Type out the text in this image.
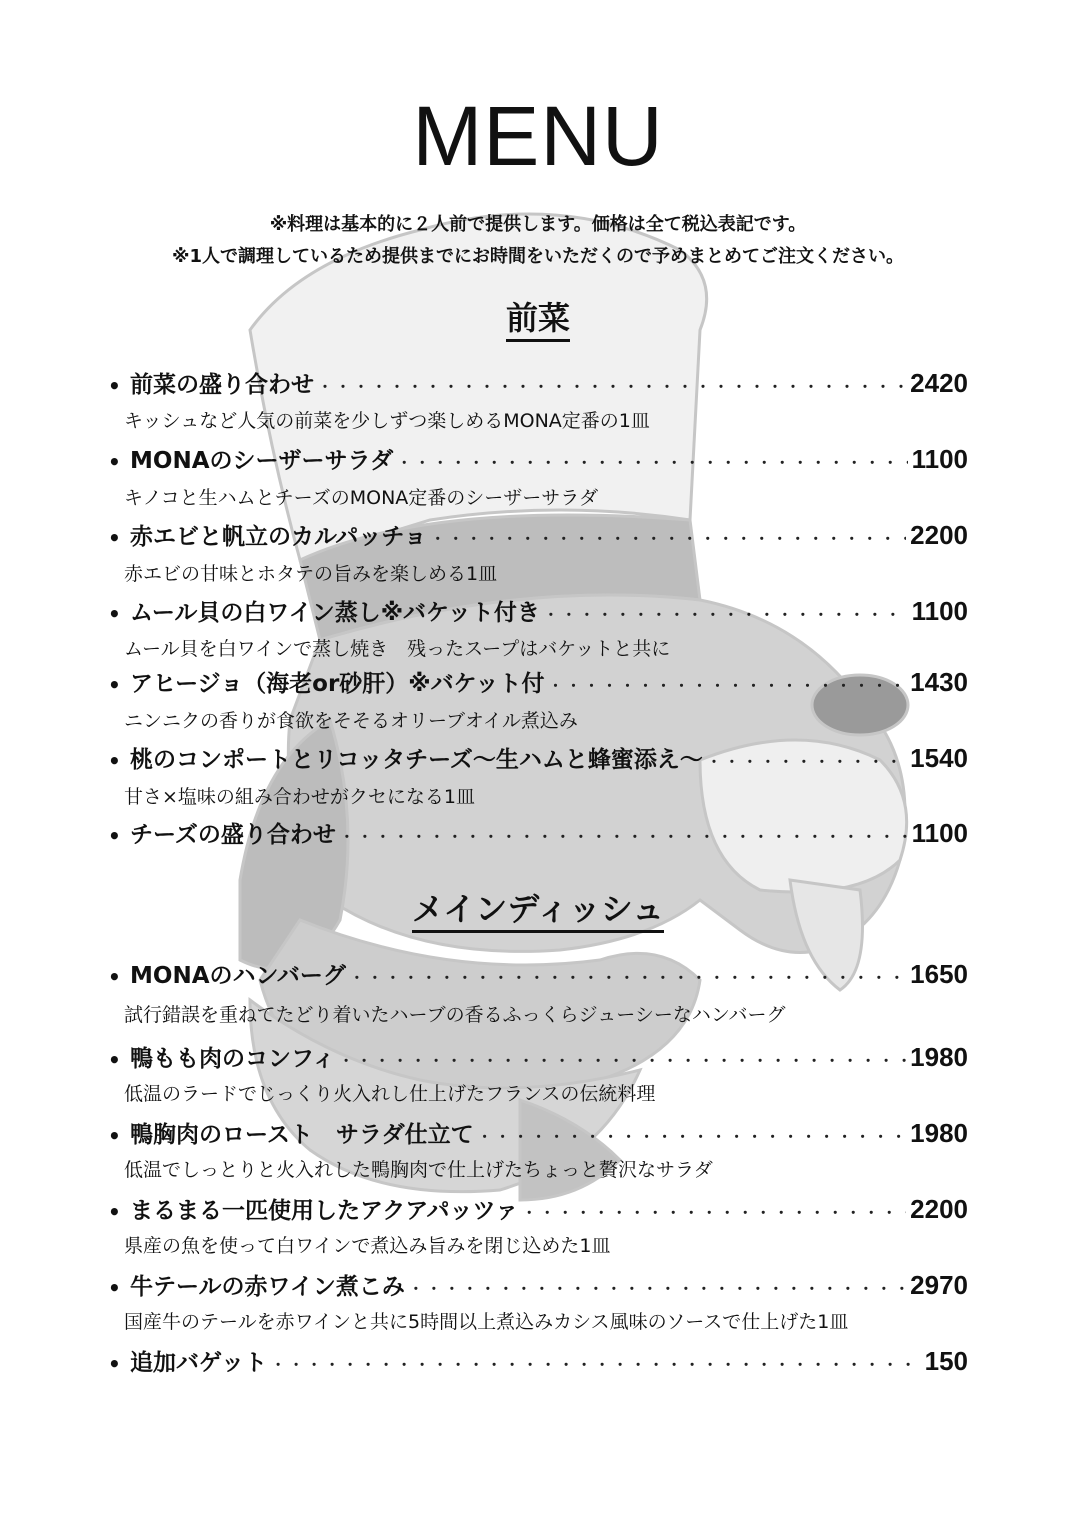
MENU
※料理は基本的に２人前で提供します。価格は全て税込表記です。
※1人で調理しているため提供までにお時間をいただくので予めまとめてご注文ください。
前菜
• 前菜の盛り合わせ ・・・・・・・・・・・・・・・・・・・・・・・・・・・・・・・・・・・・・・・・・・・・・・・・・・・・・・・・・・・・・・・・・・・・・・・・・・・・	2420
キッシュなど人気の前菜を少しずつ楽しめるMONA定番の1皿
• MONAのシーザーサラダ ・・・・・・・・・・・・・・・・・・・・・・・・・・・・・・・・・・・・・・・・・・・・・・・・・・・・・・・・・・・・・・・・・・・・・・・・・・・・	1100
キノコと生ハムとチーズのMONA定番のシーザーサラダ
• 赤エビと帆立のカルパッチョ ・・・・・・・・・・・・・・・・・・・・・・・・・・・・・・・・・・・・・・・・・・・・・・・・・・・・・・・・・・・・・・・・・・・・・・・・・・・・	2200
赤エビの甘味とホタテの旨みを楽しめる1皿
• ムール貝の白ワイン蒸し※バケット付き ・・・・・・・・・・・・・・・・・・・・・・・・・・・・・・・・・・・・・・・・・・・・・・・・・・・・・・・・・・・・・・・・・・・・・・・・・・・・	1100
ムール貝を白ワインで蒸し焼き　残ったスープはバケットと共に
• アヒージョ（海老or砂肝）※バケット付 ・・・・・・・・・・・・・・・・・・・・・・・・・・・・・・・・・・・・・・・・・・・・・・・・・・・・・・・・・・・・・・・・・・・・・・・・・・・・	1430
ニンニクの香りが食欲をそそるオリーブオイル煮込み
• 桃のコンポートとリコッタチーズ〜生ハムと蜂蜜添え〜 ・・・・・・・・・・・・・・・・・・・・・・・・・・・・・・・・・・・・・・・・・・・・・・・・・・・・・・・・・・・・・・・・・・・・・・・・・・・・	1540
甘さ×塩味の組み合わせがクセになる1皿
• チーズの盛り合わせ ・・・・・・・・・・・・・・・・・・・・・・・・・・・・・・・・・・・・・・・・・・・・・・・・・・・・・・・・・・・・・・・・・・・・・・・・・・・・	1100
メインディッシュ
• MONAのハンバーグ ・・・・・・・・・・・・・・・・・・・・・・・・・・・・・・・・・・・・・・・・・・・・・・・・・・・・・・・・・・・・・・・・・・・・・・・・・・・・	1650
試行錯誤を重ねてたどり着いたハーブの香るふっくらジューシーなハンバーグ
• 鴨もも肉のコンフィ ・・・・・・・・・・・・・・・・・・・・・・・・・・・・・・・・・・・・・・・・・・・・・・・・・・・・・・・・・・・・・・・・・・・・・・・・・・・・	1980
低温のラードでじっくり火入れし仕上げたフランスの伝統料理
• 鴨胸肉のロースト　サラダ仕立て ・・・・・・・・・・・・・・・・・・・・・・・・・・・・・・・・・・・・・・・・・・・・・・・・・・・・・・・・・・・・・・・・・・・・・・・・・・・・	1980
低温でしっとりと火入れした鴨胸肉で仕上げたちょっと贅沢なサラダ
• まるまる一匹使用したアクアパッツァ ・・・・・・・・・・・・・・・・・・・・・・・・・・・・・・・・・・・・・・・・・・・・・・・・・・・・・・・・・・・・・・・・・・・・・・・・・・・・	2200
県産の魚を使って白ワインで煮込み旨みを閉じ込めた1皿
• 牛テールの赤ワイン煮こみ ・・・・・・・・・・・・・・・・・・・・・・・・・・・・・・・・・・・・・・・・・・・・・・・・・・・・・・・・・・・・・・・・・・・・・・・・・・・・	2970
国産牛のテールを赤ワインと共に5時間以上煮込みカシス風味のソースで仕上げた1皿
• 追加バゲット ・・・・・・・・・・・・・・・・・・・・・・・・・・・・・・・・・・・・・・・・・・・・・・・・・・・・・・・・・・・・・・・・・・・・・・・・・・・・	150
